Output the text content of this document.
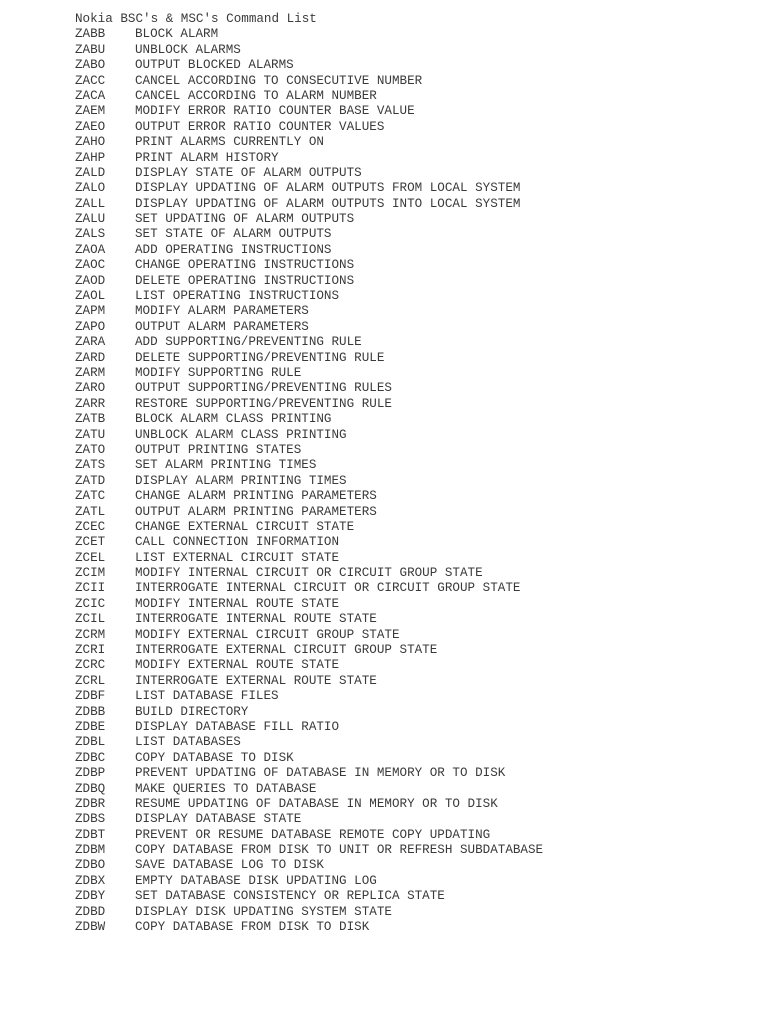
Nokia BSC's & MSC's Command List
ZABB	BLOCK ALARM
ZABU	UNBLOCK ALARMS
ZABO	OUTPUT BLOCKED ALARMS
ZACC	CANCEL ACCORDING TO CONSECUTIVE NUMBER
ZACA	CANCEL ACCORDING TO ALARM NUMBER
ZAEM	MODIFY ERROR RATIO COUNTER BASE VALUE
ZAEO	OUTPUT ERROR RATIO COUNTER VALUES
ZAHO	PRINT ALARMS CURRENTLY ON
ZAHP	PRINT ALARM HISTORY
ZALD	DISPLAY STATE OF ALARM OUTPUTS
ZALO	DISPLAY UPDATING OF ALARM OUTPUTS FROM LOCAL SYSTEM
ZALL	DISPLAY UPDATING OF ALARM OUTPUTS INTO LOCAL SYSTEM
ZALU	SET UPDATING OF ALARM OUTPUTS
ZALS	SET STATE OF ALARM OUTPUTS
ZAOA	ADD OPERATING INSTRUCTIONS
ZAOC	CHANGE OPERATING INSTRUCTIONS
ZAOD	DELETE OPERATING INSTRUCTIONS
ZAOL	LIST OPERATING INSTRUCTIONS
ZAPM	MODIFY ALARM PARAMETERS
ZAPO	OUTPUT ALARM PARAMETERS
ZARA	ADD SUPPORTING/PREVENTING RULE
ZARD	DELETE SUPPORTING/PREVENTING RULE
ZARM	MODIFY SUPPORTING RULE
ZARO	OUTPUT SUPPORTING/PREVENTING RULES
ZARR	RESTORE SUPPORTING/PREVENTING RULE
ZATB	BLOCK ALARM CLASS PRINTING
ZATU	UNBLOCK ALARM CLASS PRINTING
ZATO	OUTPUT PRINTING STATES
ZATS	SET ALARM PRINTING TIMES
ZATD	DISPLAY ALARM PRINTING TIMES
ZATC	CHANGE ALARM PRINTING PARAMETERS
ZATL	OUTPUT ALARM PRINTING PARAMETERS
ZCEC	CHANGE EXTERNAL CIRCUIT STATE
ZCET	CALL CONNECTION INFORMATION
ZCEL	LIST EXTERNAL CIRCUIT STATE
ZCIM	MODIFY INTERNAL CIRCUIT OR CIRCUIT GROUP STATE
ZCII	INTERROGATE INTERNAL CIRCUIT OR CIRCUIT GROUP STATE
ZCIC	MODIFY INTERNAL ROUTE STATE
ZCIL	INTERROGATE INTERNAL ROUTE STATE
ZCRM	MODIFY EXTERNAL CIRCUIT GROUP STATE
ZCRI	INTERROGATE EXTERNAL CIRCUIT GROUP STATE
ZCRC	MODIFY EXTERNAL ROUTE STATE
ZCRL	INTERROGATE EXTERNAL ROUTE STATE
ZDBF	LIST DATABASE FILES
ZDBB	BUILD DIRECTORY
ZDBE	DISPLAY DATABASE FILL RATIO
ZDBL	LIST DATABASES
ZDBC	COPY DATABASE TO DISK
ZDBP	PREVENT UPDATING OF DATABASE IN MEMORY OR TO DISK
ZDBQ	MAKE QUERIES TO DATABASE
ZDBR	RESUME UPDATING OF DATABASE IN MEMORY OR TO DISK
ZDBS	DISPLAY DATABASE STATE
ZDBT	PREVENT OR RESUME DATABASE REMOTE COPY UPDATING
ZDBM	COPY DATABASE FROM DISK TO UNIT OR REFRESH SUBDATABASE
ZDBO	SAVE DATABASE LOG TO DISK
ZDBX	EMPTY DATABASE DISK UPDATING LOG
ZDBY	SET DATABASE CONSISTENCY OR REPLICA STATE
ZDBD	DISPLAY DISK UPDATING SYSTEM STATE
ZDBW	COPY DATABASE FROM DISK TO DISK
